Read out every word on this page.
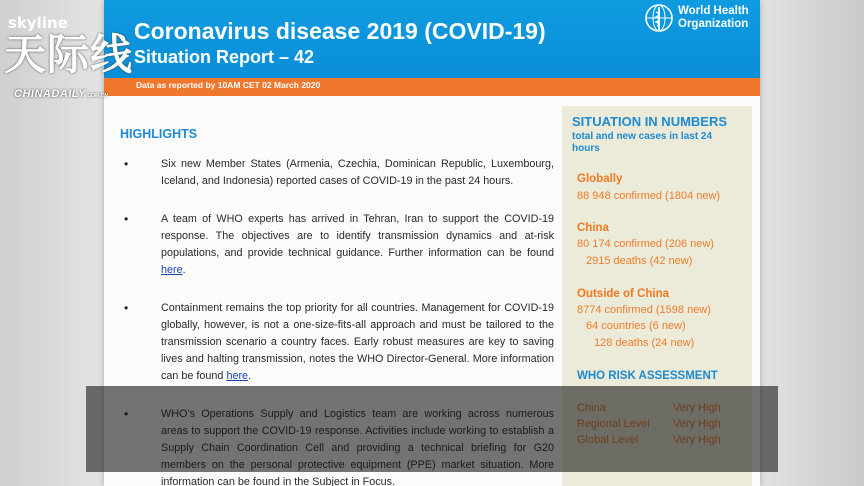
Coronavirus disease 2019 (COVID-19)
Situation Report – 42
World Health
Organization
Data as reported by 10AM CET 02 March 2020
HIGHLIGHTS
• Six new Member States (Armenia, Czechia, Dominican Republic, Luxembourg, Iceland, and Indonesia) reported cases of COVID-19 in the past 24 hours.
• A team of WHO experts has arrived in Tehran, Iran to support the COVID-19 response. The objectives are to identify transmission dynamics and at-risk populations, and provide technical guidance. Further information can be found here.
• Containment remains the top priority for all countries. Management for COVID-19 globally, however, is not a one-size-fits-all approach and must be tailored to the transmission scenario a country faces. Early robust measures are key to saving lives and halting transmission, notes the WHO Director-General. More information can be found here.
• information can be found in the Subject in Focus.
SITUATION IN NUMBERS
total and new cases in last 24 hours
Globally
88 948 confirmed (1804 new)
China
80 174 confirmed (206 new)
2915 deaths (42 new)
Outside of China
8774 confirmed (1598 new)
64 countries (6 new)
128 deaths (24 new)
WHO RISK ASSESSMENT
skyline
天际线
CHINADAILY.COM.CN
